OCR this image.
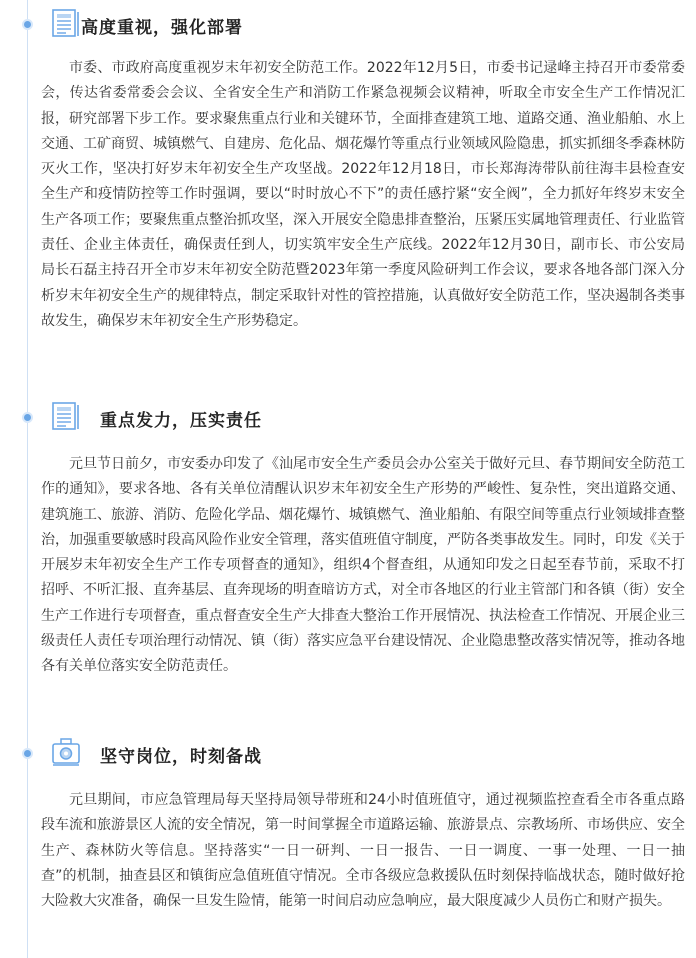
高度重视，强化部署

市委、市政府高度重视岁末年初安全防范工作。2022年12月5日，市委书记逯峰主持召开市委常委会，传达省委常委会会议、全省安全生产和消防工作紧急视频会议精神，听取全市安全生产工作情况汇报，研究部署下步工作。要求聚焦重点行业和关键环节，全面排查建筑工地、道路交通、渔业船舶、水上交通、工矿商贸、城镇燃气、自建房、危化品、烟花爆竹等重点行业领域风险隐患，抓实抓细冬季森林防灭火工作，坚决打好岁末年初安全生产攻坚战。2022年12月18日，市长郑海涛带队前往海丰县检查安全生产和疫情防控等工作时强调，要以“时时放心不下”的责任感拧紧“安全阀”，全力抓好年终岁末安全生产各项工作；要聚焦重点整治抓攻坚，深入开展安全隐患排查整治，压紧压实属地管理责任、行业监管责任、企业主体责任，确保责任到人，切实筑牢安全生产底线。2022年12月30日，副市长、市公安局局长石磊主持召开全市岁末年初安全防范暨2023年第一季度风险研判工作会议，要求各地各部门深入分析岁末年初安全生产的规律特点，制定采取针对性的管控措施，认真做好安全防范工作，坚决遏制各类事故发生，确保岁末年初安全生产形势稳定。

重点发力，压实责任

元旦节日前夕，市安委办印发了《汕尾市安全生产委员会办公室关于做好元旦、春节期间安全防范工作的通知》，要求各地、各有关单位清醒认识岁末年初安全生产形势的严峻性、复杂性，突出道路交通、建筑施工、旅游、消防、危险化学品、烟花爆竹、城镇燃气、渔业船舶、有限空间等重点行业领域排查整治，加强重要敏感时段高风险作业安全管理，落实值班值守制度，严防各类事故发生。同时，印发《关于开展岁末年初安全生产工作专项督查的通知》，组织4个督查组，从通知印发之日起至春节前，采取不打招呼、不听汇报、直奔基层、直奔现场的明查暗访方式，对全市各地区的行业主管部门和各镇（街）安全生产工作进行专项督查，重点督查安全生产大排查大整治工作开展情况、执法检查工作情况、开展企业三级责任人责任专项治理行动情况、镇（街）落实应急平台建设情况、企业隐患整改落实情况等，推动各地各有关单位落实安全防范责任。

坚守岗位，时刻备战

元旦期间，市应急管理局每天坚持局领导带班和24小时值班值守，通过视频监控查看全市各重点路段车流和旅游景区人流的安全情况，第一时间掌握全市道路运输、旅游景点、宗教场所、市场供应、安全生产、森林防火等信息。坚持落实“一日一研判、一日一报告、一日一调度、一事一处理、一日一抽查”的机制，抽查县区和镇街应急值班值守情况。全市各级应急救援队伍时刻保持临战状态，随时做好抢大险救大灾准备，确保一旦发生险情，能第一时间启动应急响应，最大限度减少人员伤亡和财产损失。
